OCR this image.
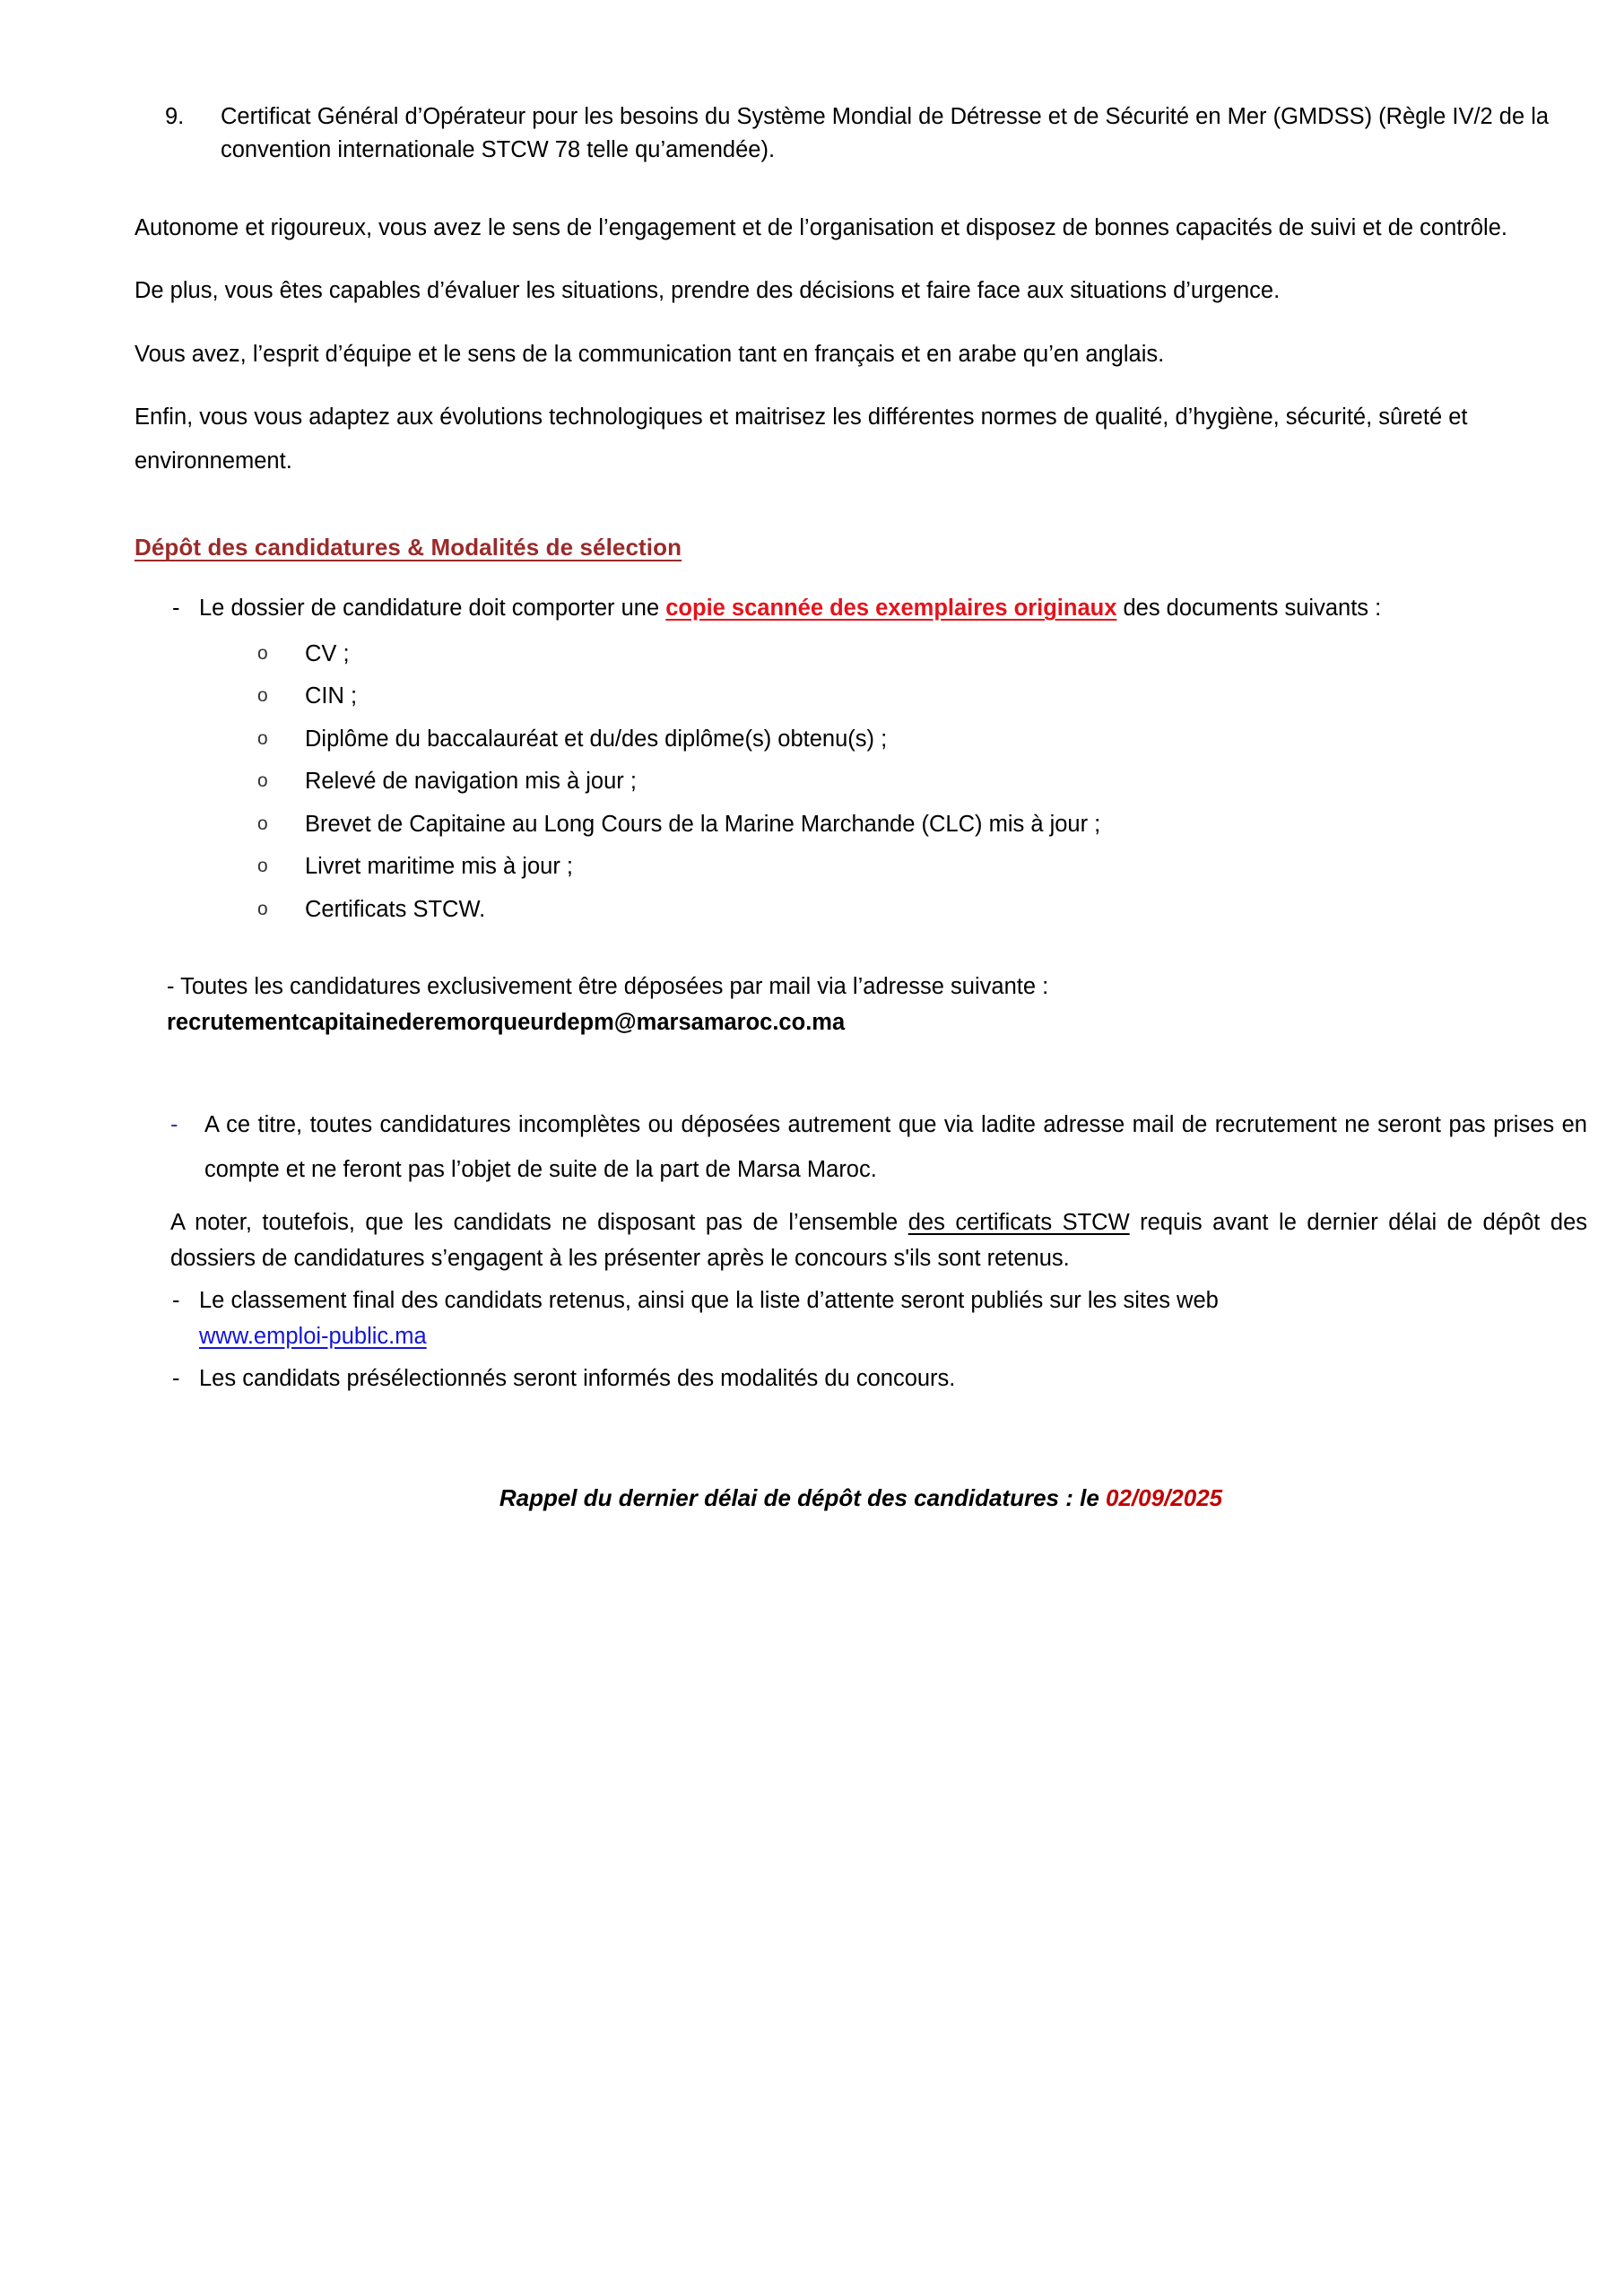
9. Certificat Général d’Opérateur pour les besoins du Système Mondial de Détresse et de Sécurité en Mer (GMDSS) (Règle IV/2 de la convention internationale STCW 78 telle qu’amendée).

Autonome et rigoureux, vous avez le sens de l’engagement et de l’organisation et disposez de bonnes capacités de suivi et de contrôle.

De plus, vous êtes capables d’évaluer les situations, prendre des décisions et faire face aux situations d’urgence.

Vous avez, l’esprit d’équipe et le sens de la communication tant en français et en arabe qu’en anglais.

Enfin, vous vous adaptez aux évolutions technologiques et maitrisez les différentes normes de qualité, d’hygiène, sécurité, sûreté et environnement.

Dépôt des candidatures & Modalités de sélection
- Le dossier de candidature doit comporter une copie scannée des exemplaires originaux des documents suivants :
o CV ;
o CIN ;
o Diplôme du baccalauréat et du/des diplôme(s) obtenu(s) ;
o Relevé de navigation mis à jour ;
o Brevet de Capitaine au Long Cours de la Marine Marchande (CLC) mis à jour ;
o Livret maritime mis à jour ;
o Certificats STCW.

- Toutes les candidatures exclusivement être déposées par mail via l’adresse suivante :
recrutementcapitainederemorqueurdepm@marsamaroc.co.ma

- A ce titre, toutes candidatures incomplètes ou déposées autrement que via ladite adresse mail de recrutement ne seront pas prises en compte et ne feront pas l’objet de suite de la part de Marsa Maroc.

A noter, toutefois, que les candidats ne disposant pas de l’ensemble des certificats STCW requis avant le dernier délai de dépôt des dossiers de candidatures s’engagent à les présenter après le concours s'ils sont retenus.

- Le classement final des candidats retenus, ainsi que la liste d’attente seront publiés sur les sites web
www.emploi-public.ma
- Les candidats présélectionnés seront informés des modalités du concours.

Rappel du dernier délai de dépôt des candidatures : le 02/09/2025
